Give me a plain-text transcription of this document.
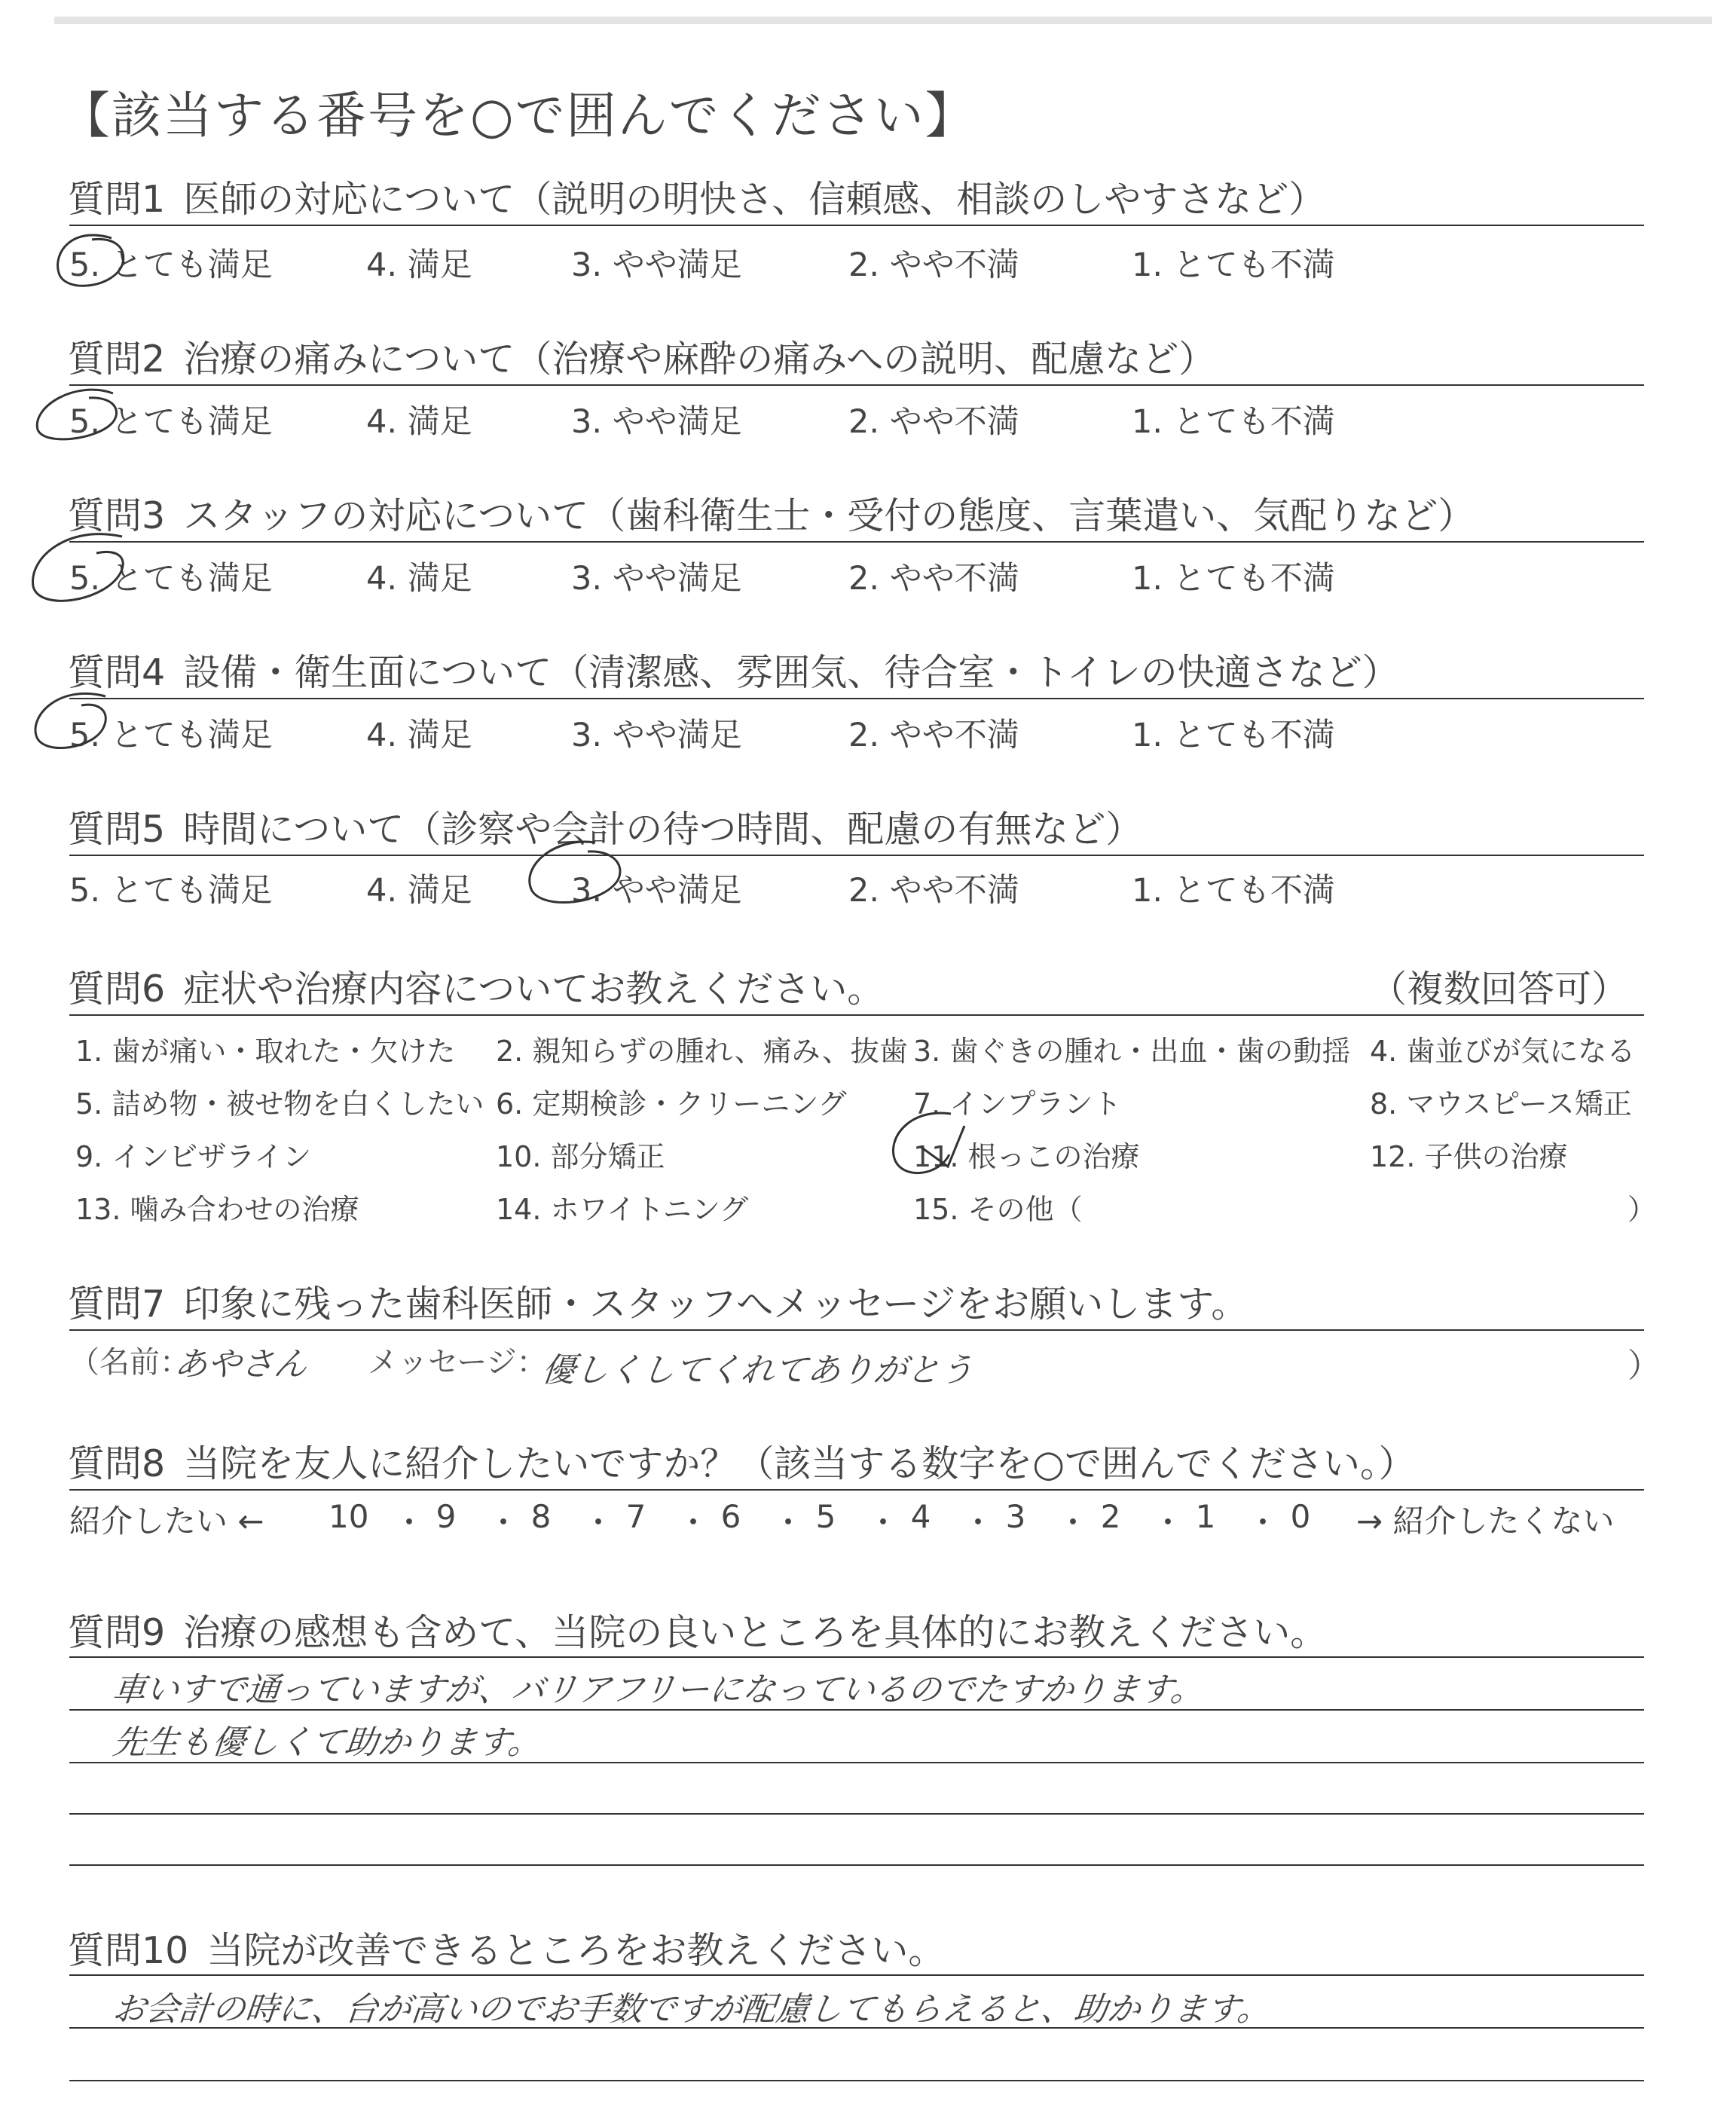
【該当する番号を○で囲んでください】
質問1 医師の対応について（説明の明快さ、信頼感、相談のしやすさなど）
5. とても満足	4. 満足	3. やや満足	2. やや不満	1. とても不満
質問2 治療の痛みについて（治療や麻酔の痛みへの説明、配慮など）
5. とても満足	4. 満足	3. やや満足	2. やや不満	1. とても不満
質問3 スタッフの対応について（歯科衛生士・受付の態度、言葉遣い、気配りなど）
5. とても満足	4. 満足	3. やや満足	2. やや不満	1. とても不満
質問4 設備・衛生面について（清潔感、雰囲気、待合室・トイレの快適さなど）
5. とても満足	4. 満足	3. やや満足	2. やや不満	1. とても不満
質問5 時間について（診察や会計の待つ時間、配慮の有無など）
5. とても満足	4. 満足	3. やや満足	2. やや不満	1. とても不満
質問6 症状や治療内容についてお教えください。	（複数回答可）
1. 歯が痛い・取れた・欠けた 2. 親知らずの腫れ、痛み、抜歯 3. 歯ぐきの腫れ・出血・歯の動揺 4. 歯並びが気になる
5. 詰め物・被せ物を白くしたい 6. 定期検診・クリーニング 7. インプラント	8. マウスピース矯正
9. インビザライン	10. 部分矯正	11. 根っこの治療	12. 子供の治療
13. 噛み合わせの治療	14. ホワイトニング	15. その他（	）
質問7 印象に残った歯科医師・スタッフへメッセージをお願いします。
（名前：
あやさん メッセージ：
優しくしてくれてありがとう	）
質問8 当院を友人に紹介したいですか？（該当する数字を○で囲んでください。）
紹介したい ← 10 ・ 9 ・ 8 ・ 7 ・ 6 ・ 5 ・ 4 ・ 3 ・ 2 ・ 1 ・ 0 → 紹介したくない
質問9 治療の感想も含めて、当院の良いところを具体的にお教えください。
車いすで通っていますが、バリアフリーになっているのでたすかります。
先生も優しくて助かります。
質問10 当院が改善できるところをお教えください。
お会計の時に、台が高いのでお手数ですが配慮してもらえると、助かります。
